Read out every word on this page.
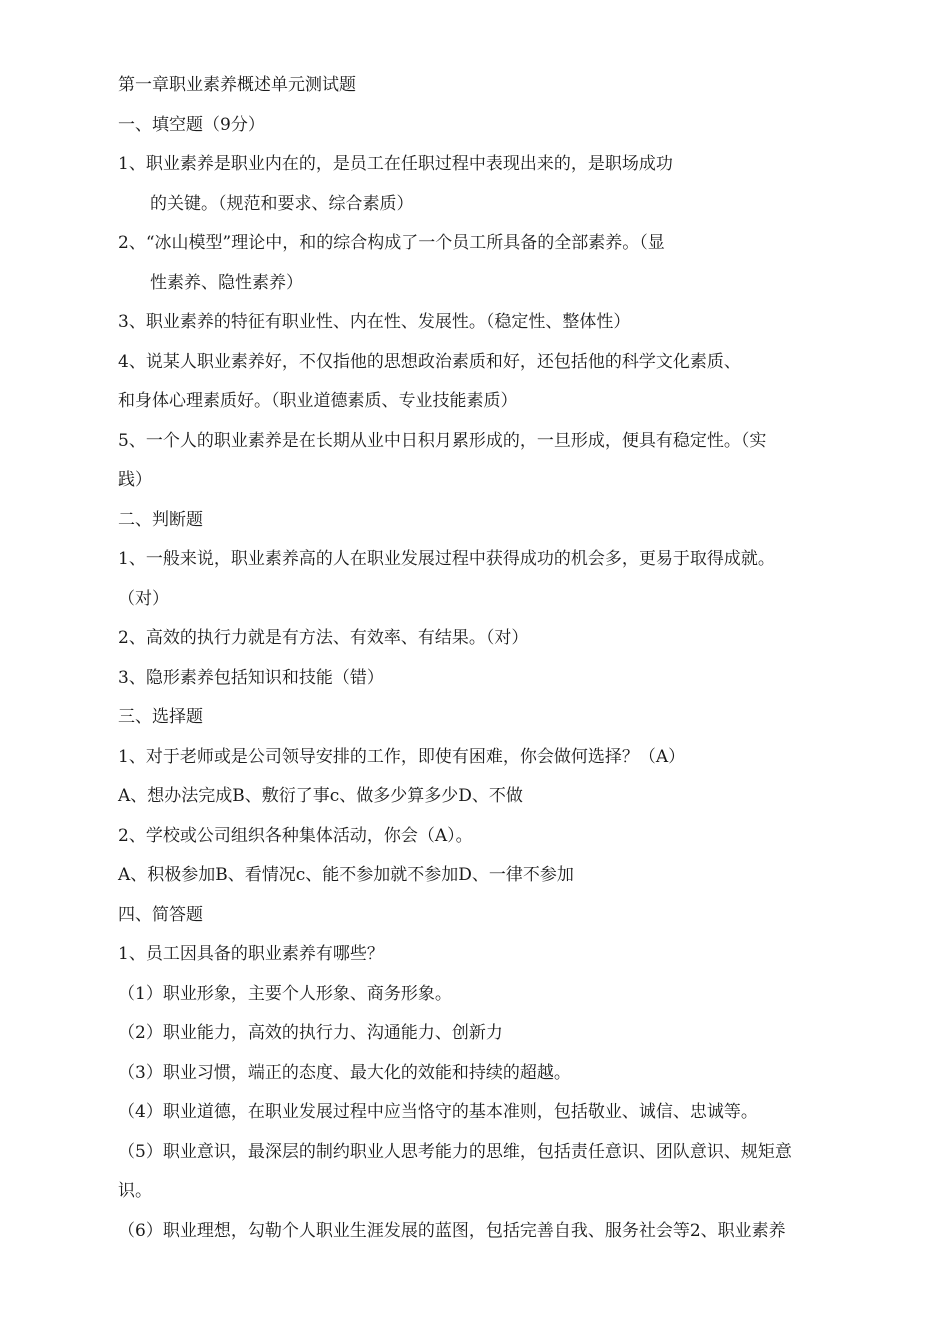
第一章职业素养概述单元测试题
一、填空题（9分）
1、职业素养是职业内在的，是员工在任职过程中表现出来的，是职场成功
的关键。（规范和要求、综合素质）
2、“冰山模型”理论中，和的综合构成了一个员工所具备的全部素养。（显
性素养、隐性素养）
3、职业素养的特征有职业性、内在性、发展性。（稳定性、整体性）
4、说某人职业素养好，不仅指他的思想政治素质和好，还包括他的科学文化素质、
和身体心理素质好。（职业道德素质、专业技能素质）
5、一个人的职业素养是在长期从业中日积月累形成的，一旦形成，便具有稳定性。（实
践）
二、判断题
1、一般来说，职业素养高的人在职业发展过程中获得成功的机会多，更易于取得成就。
（对）
2、高效的执行力就是有方法、有效率、有结果。（对）
3、隐形素养包括知识和技能（错）
三、选择题
1、对于老师或是公司领导安排的工作，即使有困难，你会做何选择？（A）
A、想办法完成B、敷衍了事c、做多少算多少D、不做
2、学校或公司组织各种集体活动，你会（A）。
A、积极参加B、看情况c、能不参加就不参加D、一律不参加
四、简答题
1、员工因具备的职业素养有哪些？
（1）职业形象，主要个人形象、商务形象。
（2）职业能力，高效的执行力、沟通能力、创新力
（3）职业习惯，端正的态度、最大化的效能和持续的超越。
（4）职业道德，在职业发展过程中应当恪守的基本准则，包括敬业、诚信、忠诚等。
（5）职业意识，最深层的制约职业人思考能力的思维，包括责任意识、团队意识、规矩意
识。
（6）职业理想，勾勒个人职业生涯发展的蓝图，包括完善自我、服务社会等2、职业素养
